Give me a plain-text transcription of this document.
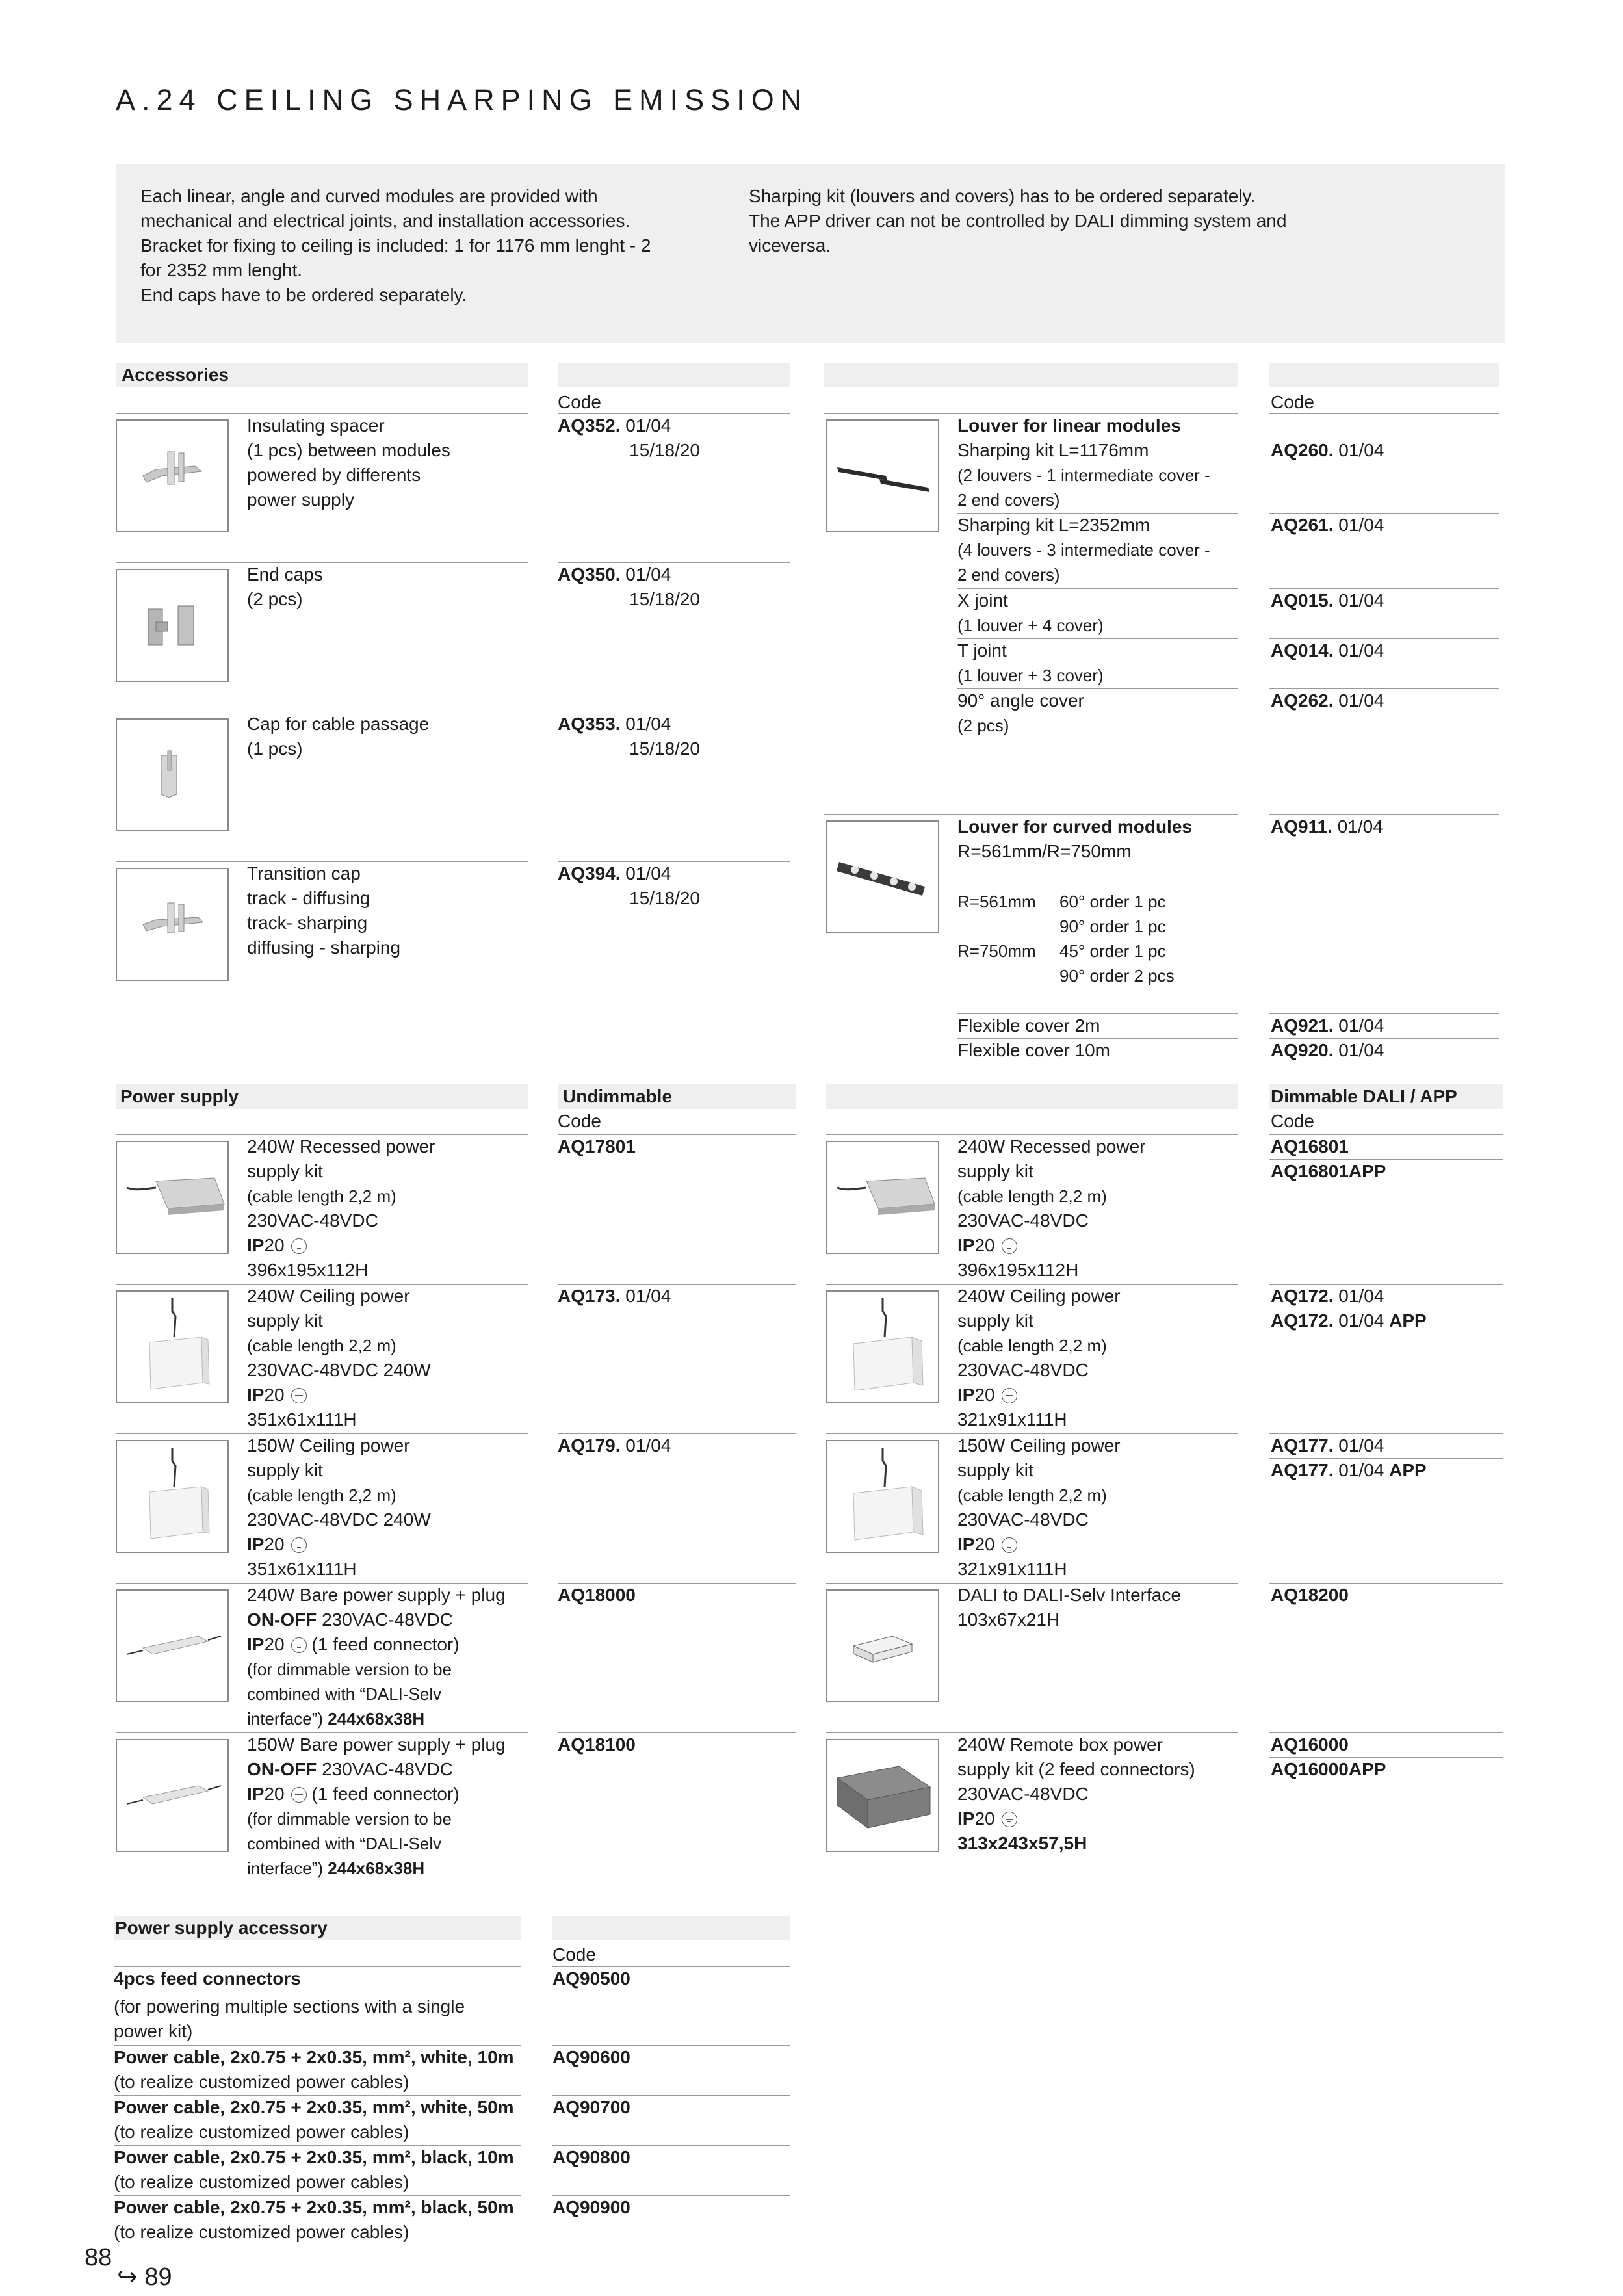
A.24 CEILING SHARPING EMISSION
Each linear, angle and curved modules are provided with
mechanical and electrical joints, and installation accessories.
Bracket for fixing to ceiling is included: 1 for 1176 mm lenght - 2
for 2352 mm lenght.
End caps have to be ordered separately.
Sharping kit (louvers and covers) has to be ordered separately.
The APP driver can not be controlled by DALI dimming system and
viceversa.
Accessories
Code
Insulating spacer
(1 pcs) between modules
powered by differents
power supply
AQ352. 01/04
15/18/20
End caps
(2 pcs)
AQ350. 01/04
15/18/20
Cap for cable passage
(1 pcs)
AQ353. 01/04
15/18/20
Transition cap
track - diffusing
track- sharping
diffusing - sharping
AQ394. 01/04
15/18/20
Code
Louver for linear modules
Sharping kit L=1176mm
(2 louvers - 1 intermediate cover -
2 end covers)
AQ260. 01/04
Sharping kit L=2352mm
(4 louvers - 3 intermediate cover -
2 end covers)
AQ261. 01/04
X joint
(1 louver + 4 cover)
AQ015. 01/04
T joint
(1 louver + 3 cover)
AQ014. 01/04
90° angle cover
(2 pcs)
AQ262. 01/04
Louver for curved modules
R=561mm/R=750mm
AQ911. 01/04
R=561mm 60° order 1 pc
90° order 1 pc
R=750mm 45° order 1 pc
90° order 2 pcs
Flexible cover 2m	AQ921. 01/04
Flexible cover 10m	AQ920. 01/04
Power supply	Undimmable
Code
Dimmable DALI / APP
Code
240W Recessed power
supply kit
(cable length 2,2 m)
230VAC-48VDC
IP20
396x195x112H
AQ17801
240W Ceiling power
supply kit
(cable length 2,2 m)
230VAC-48VDC 240W
IP20
351x61x111H
AQ173. 01/04
150W Ceiling power
supply kit
(cable length 2,2 m)
230VAC-48VDC 240W
IP20
351x61x111H
AQ179. 01/04
240W Bare power supply + plug
ON-OFF 230VAC-48VDC
IP20 (1 feed connector)
(for dimmable version to be
combined with “DALI-Selv
interface”) 244x68x38H
AQ18000
150W Bare power supply + plug
ON-OFF 230VAC-48VDC
IP20 (1 feed connector)
(for dimmable version to be
combined with “DALI-Selv
interface”) 244x68x38H
AQ18100
240W Recessed power
supply kit
(cable length 2,2 m)
230VAC-48VDC
IP20
396x195x112H
AQ16801
AQ16801APP
240W Ceiling power
supply kit
(cable length 2,2 m)
230VAC-48VDC
IP20
321x91x111H
AQ172. 01/04
AQ172. 01/04 APP
150W Ceiling power
supply kit
(cable length 2,2 m)
230VAC-48VDC
IP20
321x91x111H
AQ177. 01/04
AQ177. 01/04 APP
DALI to DALI-Selv Interface
103x67x21H
AQ18200
240W Remote box power
supply kit (2 feed connectors)
230VAC-48VDC
IP20
313x243x57,5H
AQ16000
AQ16000APP
Power supply accessory
Code
4pcs feed connectors
(for powering multiple sections with a single
power kit)
AQ90500
Power cable, 2x0.75 + 2x0.35, mm², white, 10m
(to realize customized power cables)
AQ90600
Power cable, 2x0.75 + 2x0.35, mm², white, 50m
(to realize customized power cables)
AQ90700
Power cable, 2x0.75 + 2x0.35, mm², black, 10m
(to realize customized power cables)
AQ90800
Power cable, 2x0.75 + 2x0.35, mm², black, 50m
(to realize customized power cables)
AQ90900
88
↪ 89
